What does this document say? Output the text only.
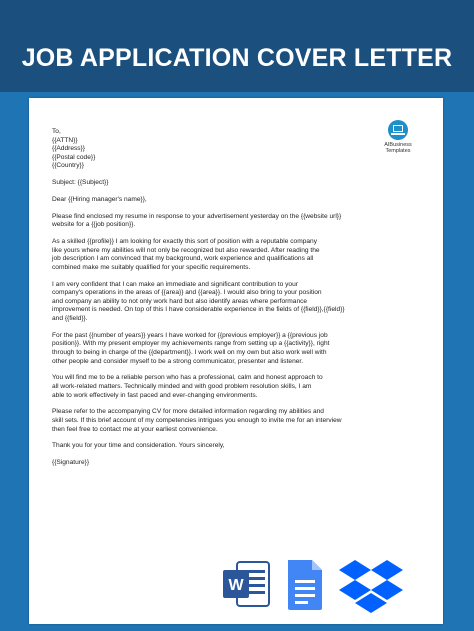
JOB APPLICATION COVER LETTER
AIBusiness
Templates

To,
{{ATTN}}
{{Address}}
{{Postal code}}
{{Country}}

Subject: {{Subject}}

Dear {{Hiring manager's name}},

Please find enclosed my resume in response to your advertisement yesterday on the {{website url}}
website for a {{job position}}.

As a skilled {{profile}} I am looking for exactly this sort of position with a reputable company
like yours where my abilities will not only be recognized but also rewarded. After reading the
job description I am convinced that my background, work experience and qualifications all
combined make me suitably qualified for your specific requirements.

I am very confident that I can make an immediate and significant contribution to your
company's operations in the areas of {{area}} and {{area}}. I would also bring to your position
and company an ability to not only work hard but also identify areas where performance
improvement is needed. On top of this I have considerable experience in the fields of {{field}},{{field}}
and {{field}}.

For the past {{number of years}} years I have worked for {{previous employer}} a {{previous job
position}}. With my present employer my achievements range from setting up a {{activity}}, right
through to being in charge of the {{department}}. I work well on my own but also work well with
other people and consider myself to be a strong communicator, presenter and listener.

You will find me to be a reliable person who has a professional, calm and honest approach to
all work-related matters. Technically minded and with good problem resolution skills, I am
able to work effectively in fast paced and ever-changing environments.

Please refer to the accompanying CV for more detailed information regarding my abilities and
skill sets. If this brief account of my competencies intrigues you enough to invite me for an interview
then feel free to contact me at your earliest convenience.

Thank you for your time and consideration. Yours sincerely,

{{Signature}}

W
